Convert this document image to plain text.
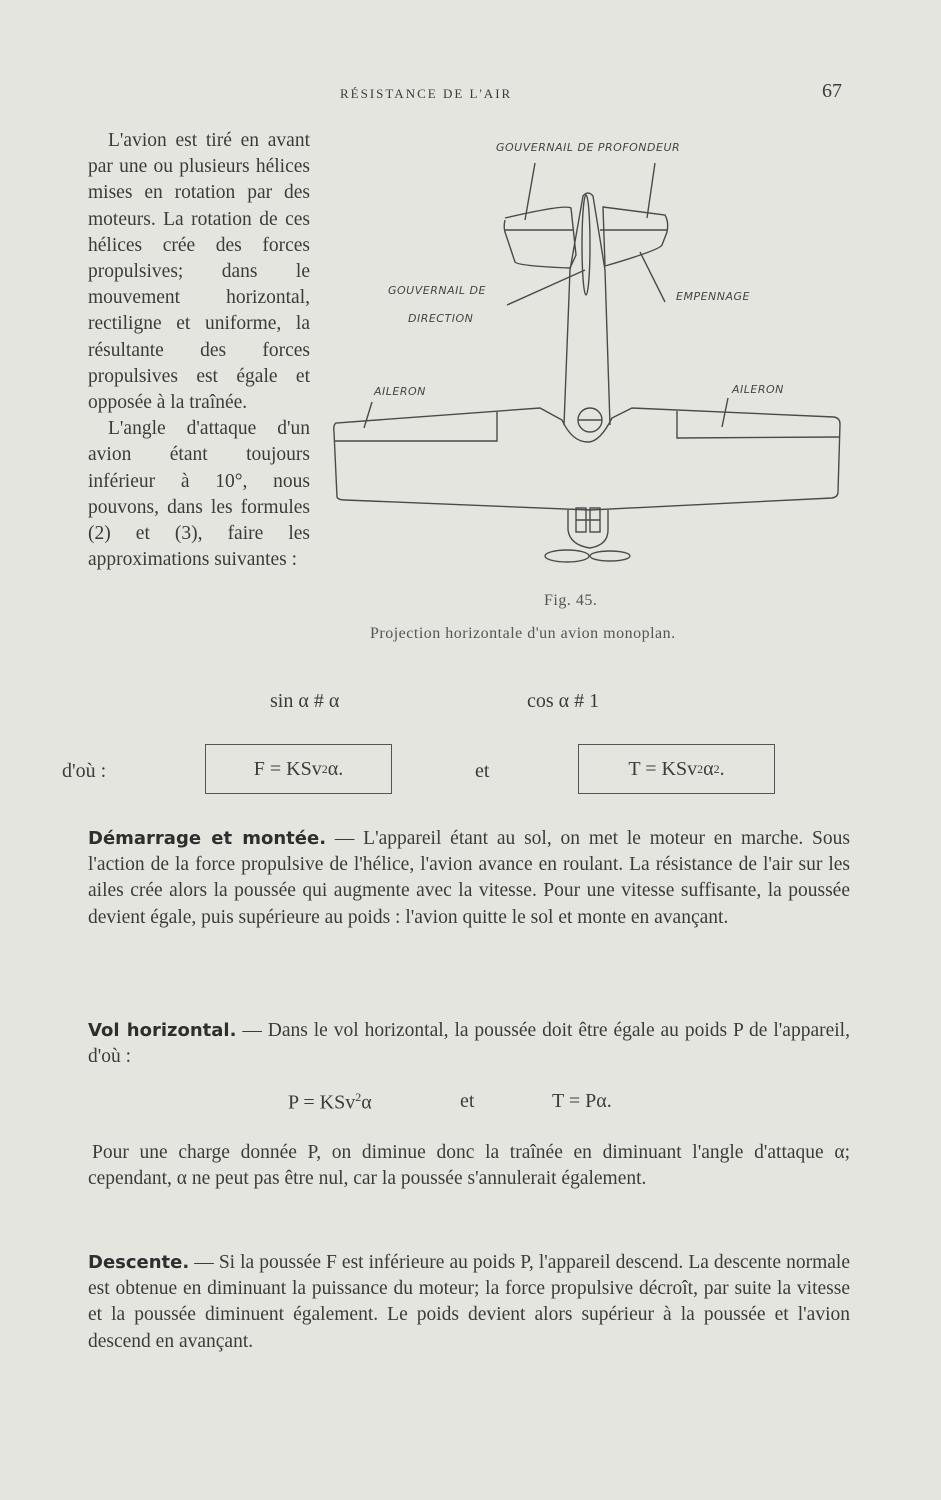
RÉSISTANCE DE L'AIR	67

L'avion est tiré en avant par une ou plusieurs hélices mises en rotation par des moteurs. La rotation de ces hélices crée des forces propulsives; dans le mouvement horizontal, rectiligne et uniforme, la résultante des forces propulsives est égale et opposée à la traînée.

L'angle d'attaque d'un avion étant toujours inférieur à 10°, nous pouvons, dans les formules (2) et (3), faire les approximations suivantes :

GOUVERNAIL DE PROFONDEUR
GOUVERNAIL DE
DIRECTION
EMPENNAGE
AILERON	AILERON
Fig. 45.
Projection horizontale d'un avion monoplan.
sin α # α	cos α # 1
d'où :	F = KSv 2 α.	et	T = KSv 2 α 2 .

Démarrage et montée. — L'appareil étant au sol, on met le moteur en marche. Sous l'action de la force propulsive de l'hélice, l'avion avance en roulant. La résistance de l'air sur les ailes crée alors la poussée qui augmente avec la vitesse. Pour une vitesse suffisante, la poussée devient égale, puis supérieure au poids : l'avion quitte le sol et monte en avançant.

Vol horizontal. — Dans le vol horizontal, la poussée doit être égale au poids P de l'appareil, d'où :

P = KSv$^2$α	et	T = Pα.

Pour une charge donnée P, on diminue donc la traînée en diminuant l'angle d'attaque α; cependant, α ne peut pas être nul, car la poussée s'annulerait également.

Descente. — Si la poussée F est inférieure au poids P, l'appareil descend. La descente normale est obtenue en diminuant la puissance du moteur; la force propulsive décroît, par suite la vitesse et la poussée diminuent également. Le poids devient alors supérieur à la poussée et l'avion descend en avançant.
